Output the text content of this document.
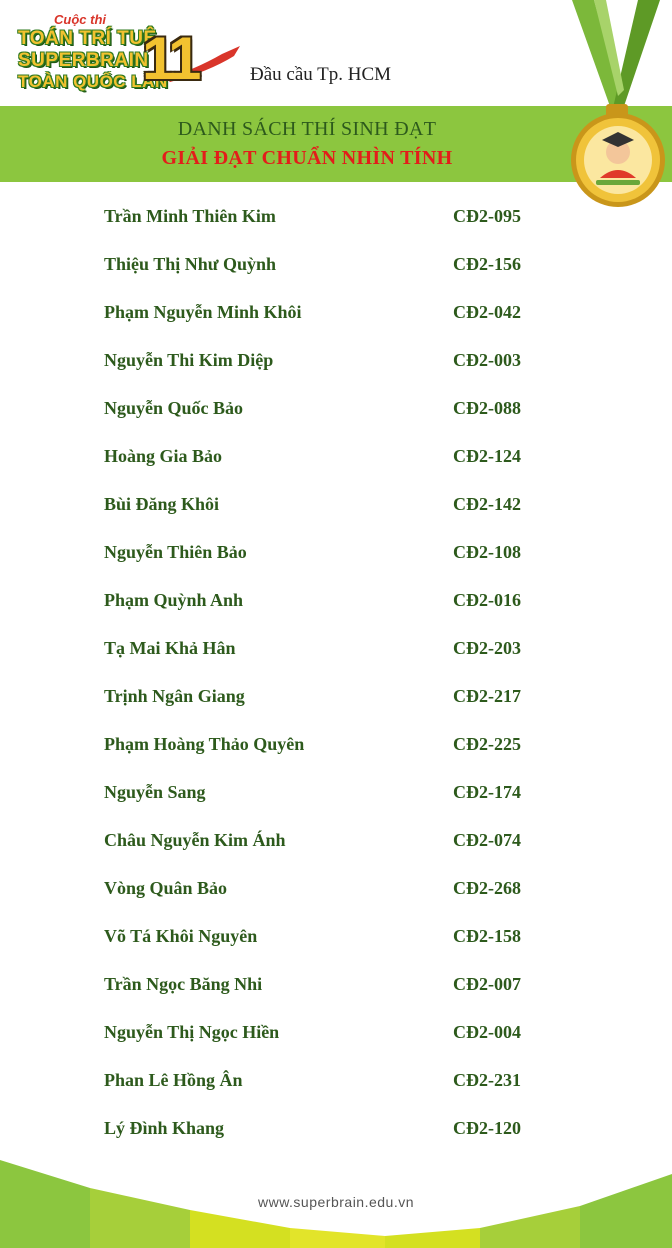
Cuộc thi
TOÁN TRÍ TUỆ
SUPERBRAIN
TOÀN QUỐC LẦN
11	Đầu cầu Tp. HCM
DANH SÁCH THÍ SINH ĐẠT
GIẢI ĐẠT CHUẨN NHÌN TÍNH
Trần Minh Thiên Kim	CĐ2-095
Thiệu Thị Như Quỳnh	CĐ2-156
Phạm Nguyễn Minh Khôi	CĐ2-042
Nguyễn Thi Kim Diệp	CĐ2-003
Nguyễn Quốc Bảo	CĐ2-088
Hoàng Gia Bảo	CĐ2-124
Bùi Đăng Khôi	CĐ2-142
Nguyễn Thiên Bảo	CĐ2-108
Phạm Quỳnh Anh	CĐ2-016
Tạ Mai Khả Hân	CĐ2-203
Trịnh Ngân Giang	CĐ2-217
Phạm Hoàng Thảo Quyên	CĐ2-225
Nguyễn Sang	CĐ2-174
Châu Nguyễn Kim Ánh	CĐ2-074
Vòng Quân Bảo	CĐ2-268
Võ Tá Khôi Nguyên	CĐ2-158
Trần Ngọc Băng Nhi	CĐ2-007
Nguyễn Thị Ngọc Hiền	CĐ2-004
Phan Lê Hồng Ân	CĐ2-231
Lý Đình Khang	CĐ2-120
www.superbrain.edu.vn
